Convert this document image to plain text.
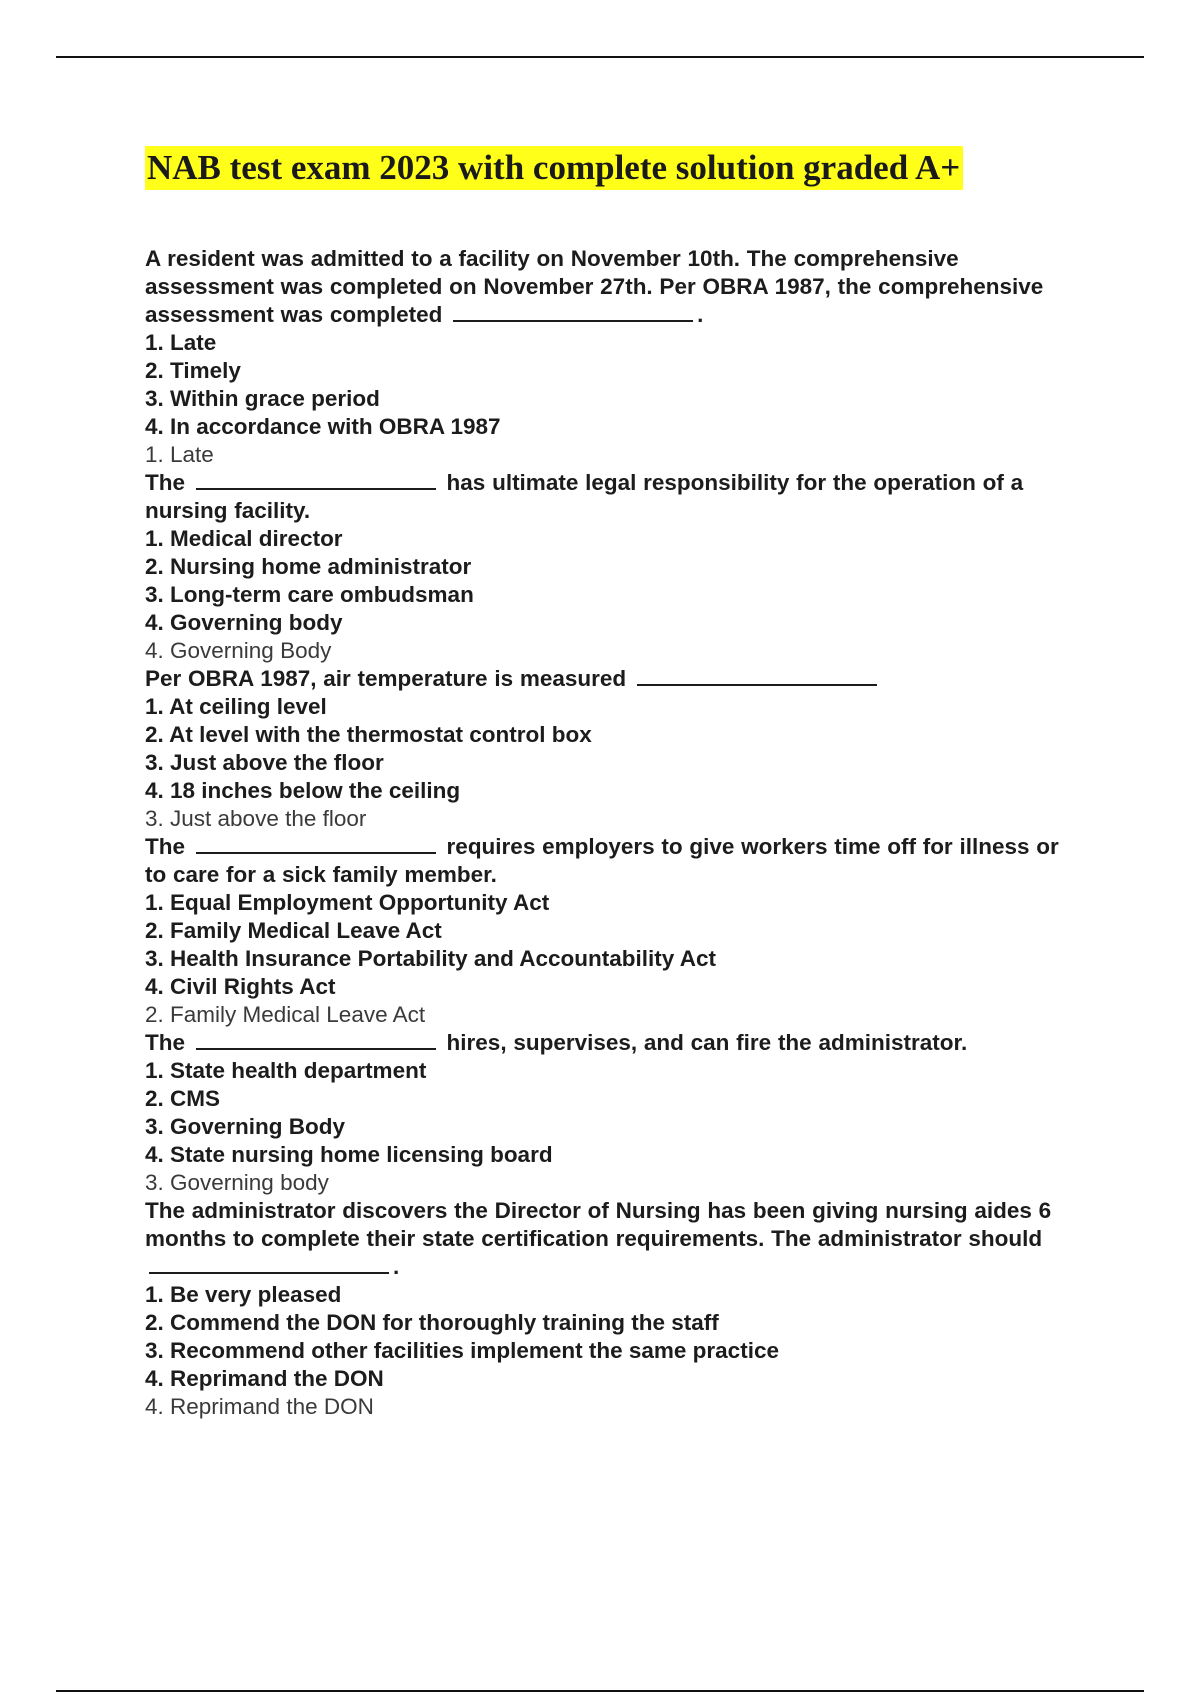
NAB test exam 2023 with complete solution graded A+

A resident was admitted to a facility on November 10th. The comprehensive assessment was completed on November 27th. Per OBRA 1987, the comprehensive assessment was completed	.

1. Late

2. Timely

3. Within grace period

4. In accordance with OBRA 1987

1. Late

The	has ultimate legal responsibility for the operation of a nursing facility.

1. Medical director

2. Nursing home administrator

3. Long-term care ombudsman

4. Governing body

4. Governing Body

Per OBRA 1987, air temperature is measured

1. At ceiling level

2. At level with the thermostat control box

3. Just above the floor

4. 18 inches below the ceiling

3. Just above the floor

The	requires employers to give workers time off for illness or to care for a sick family member.

1. Equal Employment Opportunity Act

2. Family Medical Leave Act

3. Health Insurance Portability and Accountability Act

4. Civil Rights Act

2. Family Medical Leave Act

The	hires, supervises, and can fire the administrator.

1. State health department

2. CMS

3. Governing Body

4. State nursing home licensing board

3. Governing body

The administrator discovers the Director of Nursing has been giving nursing aides 6 months to complete their state certification requirements. The administrator should .

1. Be very pleased

2. Commend the DON for thoroughly training the staff

3. Recommend other facilities implement the same practice

4. Reprimand the DON

4. Reprimand the DON
